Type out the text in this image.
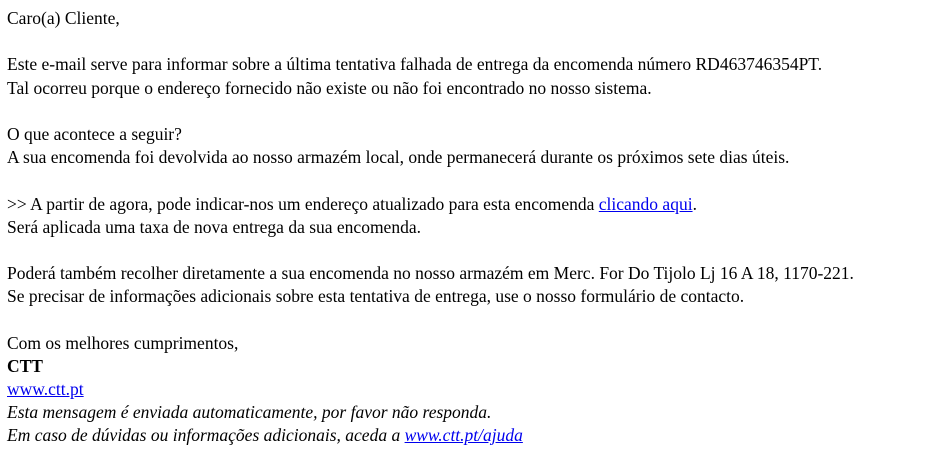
Caro(a) Cliente,
Este e-mail serve para informar sobre a última tentativa falhada de entrega da encomenda número RD463746354PT.
Tal ocorreu porque o endereço fornecido não existe ou não foi encontrado no nosso sistema.
O que acontece a seguir?
A sua encomenda foi devolvida ao nosso armazém local, onde permanecerá durante os próximos sete dias úteis.
>> A partir de agora, pode indicar-nos um endereço atualizado para esta encomenda clicando aqui.
Será aplicada uma taxa de nova entrega da sua encomenda.
Poderá também recolher diretamente a sua encomenda no nosso armazém em Merc. For Do Tijolo Lj 16 A 18, 1170-221.
Se precisar de informações adicionais sobre esta tentativa de entrega, use o nosso formulário de contacto.
Com os melhores cumprimentos,
CTT
www.ctt.pt
Esta mensagem é enviada automaticamente, por favor não responda.
Em caso de dúvidas ou informações adicionais, aceda a www.ctt.pt/ajuda
